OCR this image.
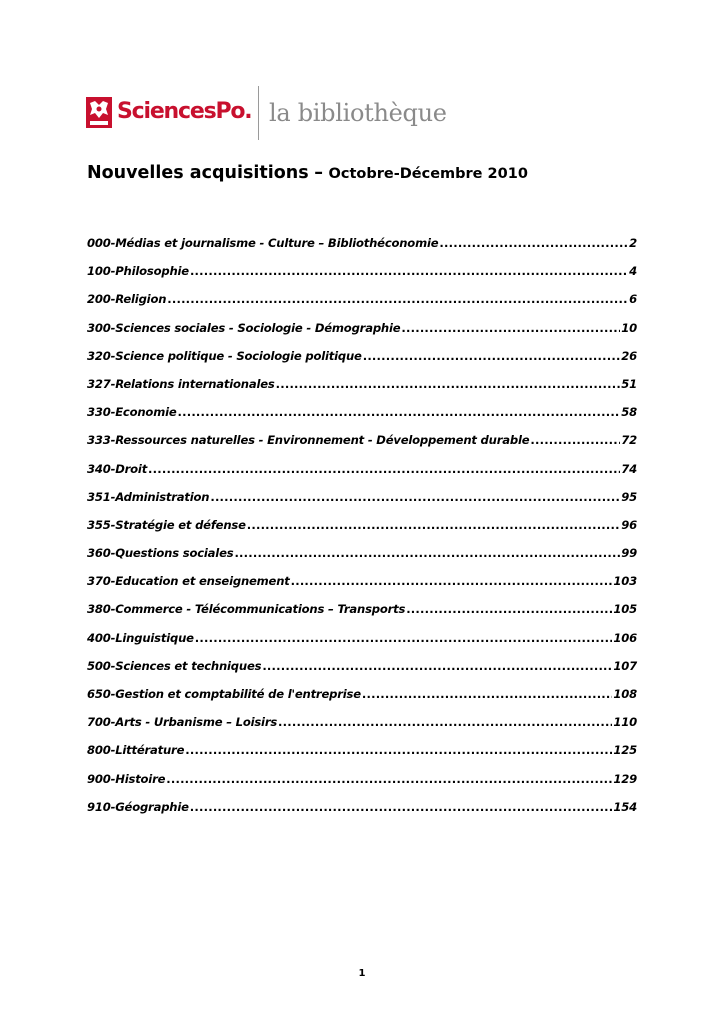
SciencesPo. la bibliothèque
Nouvelles acquisitions – Octobre-Décembre 2010
000-Médias et journalisme - Culture – Bibliothéconomie .....	2
100-Philosophie .....	4
200-Religion .....	6
300-Sciences sociales - Sociologie - Démographie .....	10
320-Science politique - Sociologie politique .....	26
327-Relations internationales .....	51
330-Economie .....	58
333-Ressources naturelles - Environnement - Développement durable .....	72
340-Droit .....	74
351-Administration .....	95
355-Stratégie et défense .....	96
360-Questions sociales .....	99
370-Education et enseignement .....	103
380-Commerce - Télécommunications – Transports .....	105
400-Linguistique .....	106
500-Sciences et techniques .....	107
650-Gestion et comptabilité de l'entreprise .....	108
700-Arts - Urbanisme – Loisirs .....	110
800-Littérature .....	125
900-Histoire .....	129
910-Géographie .....	154
1
